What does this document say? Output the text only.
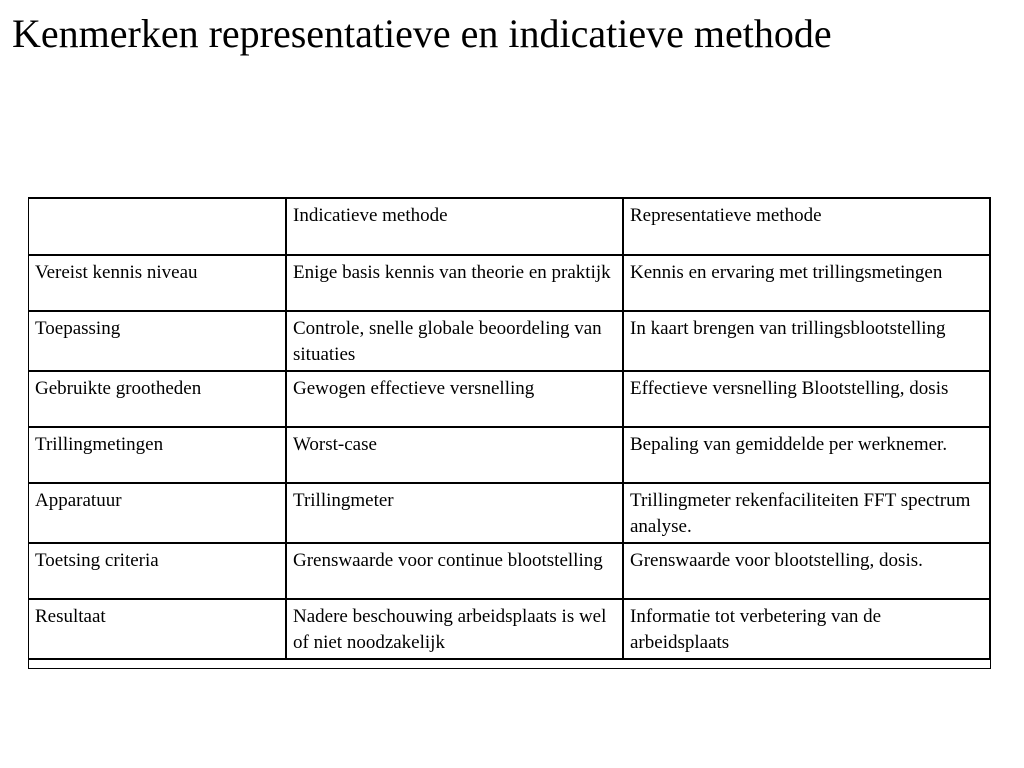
Kenmerken representatieve en indicatieve methode
	Indicatieve methode	Representatieve methode
Vereist kennis niveau	Enige basis kennis van theorie en praktijk	Kennis en ervaring met trillingsmetingen
Toepassing	Controle, snelle globale beoordeling van situaties	In kaart brengen van trillingsblootstelling
Gebruikte grootheden	Gewogen effectieve versnelling	Effectieve versnelling Blootstelling, dosis
Trillingmetingen	Worst-case	Bepaling van gemiddelde per werknemer.
Apparatuur	Trillingmeter	Trillingmeter rekenfaciliteiten FFT spectrum analyse.
Toetsing criteria	Grenswaarde voor continue blootstelling	Grenswaarde voor blootstelling, dosis.
Resultaat	Nadere beschouwing arbeidsplaats is wel of niet noodzakelijk	Informatie tot verbetering van de arbeidsplaats
